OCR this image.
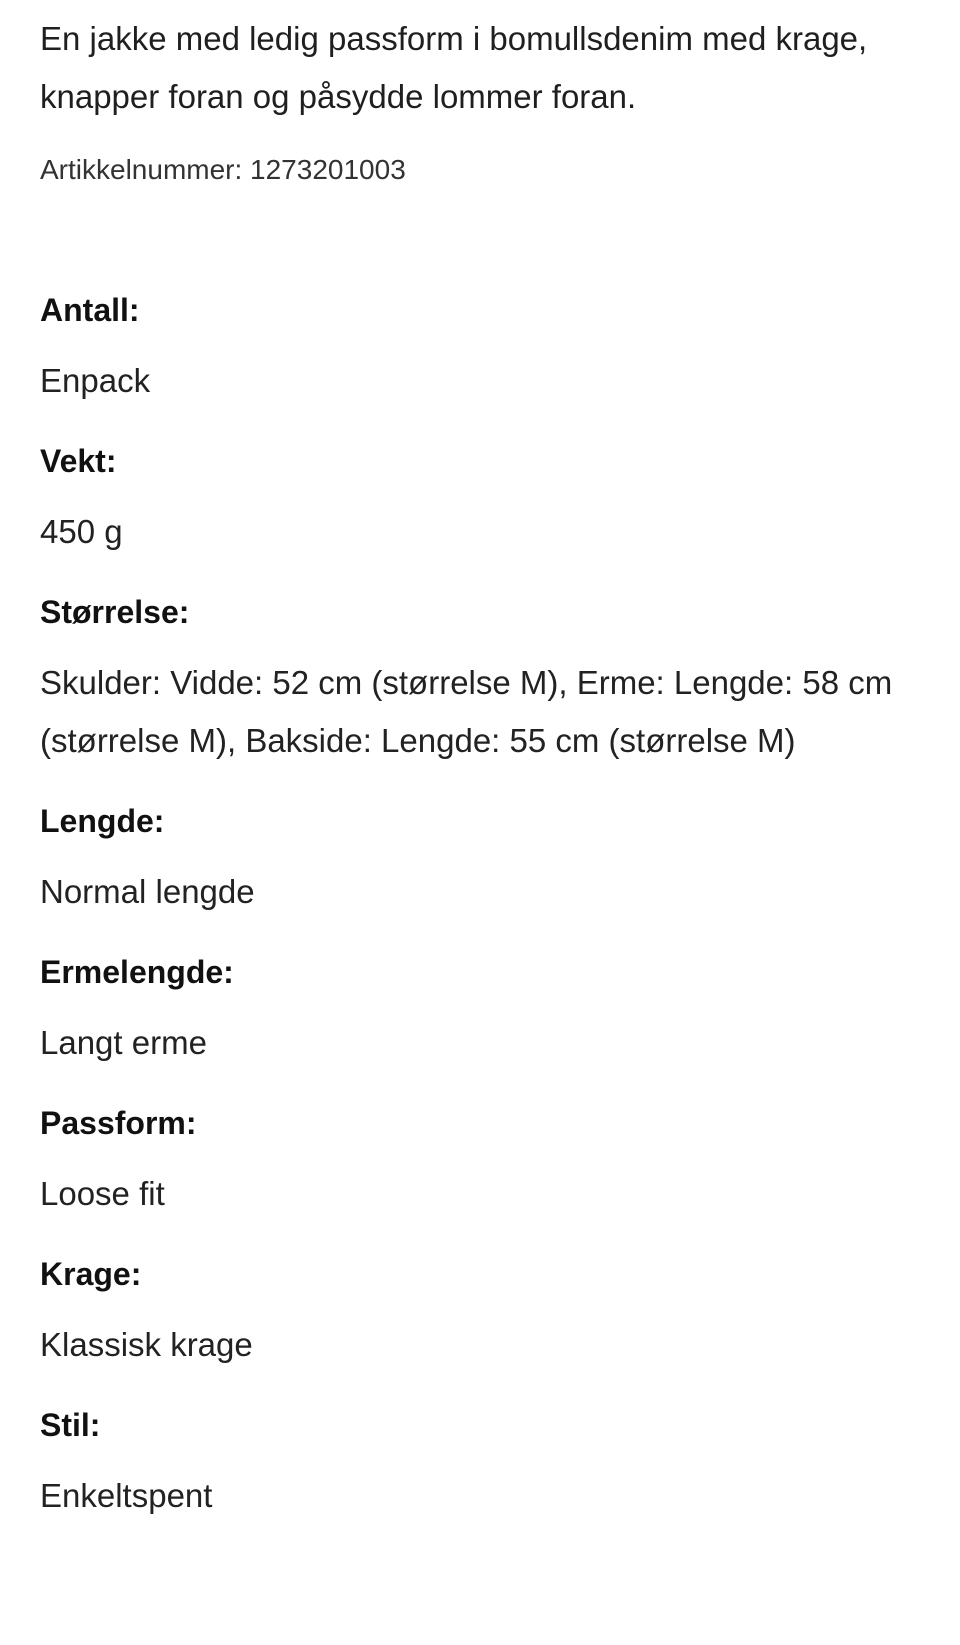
En jakke med ledig passform i bomullsdenim med krage, knapper foran og påsydde lommer foran.

Artikkelnummer: 1273201003

Antall:

Enpack

Vekt:

450 g

Størrelse:

Skulder: Vidde: 52 cm (størrelse M), Erme: Lengde: 58 cm (størrelse M), Bakside: Lengde: 55 cm (størrelse M)

Lengde:

Normal lengde

Ermelengde:

Langt erme

Passform:

Loose fit

Krage:

Klassisk krage

Stil:

Enkeltspent
